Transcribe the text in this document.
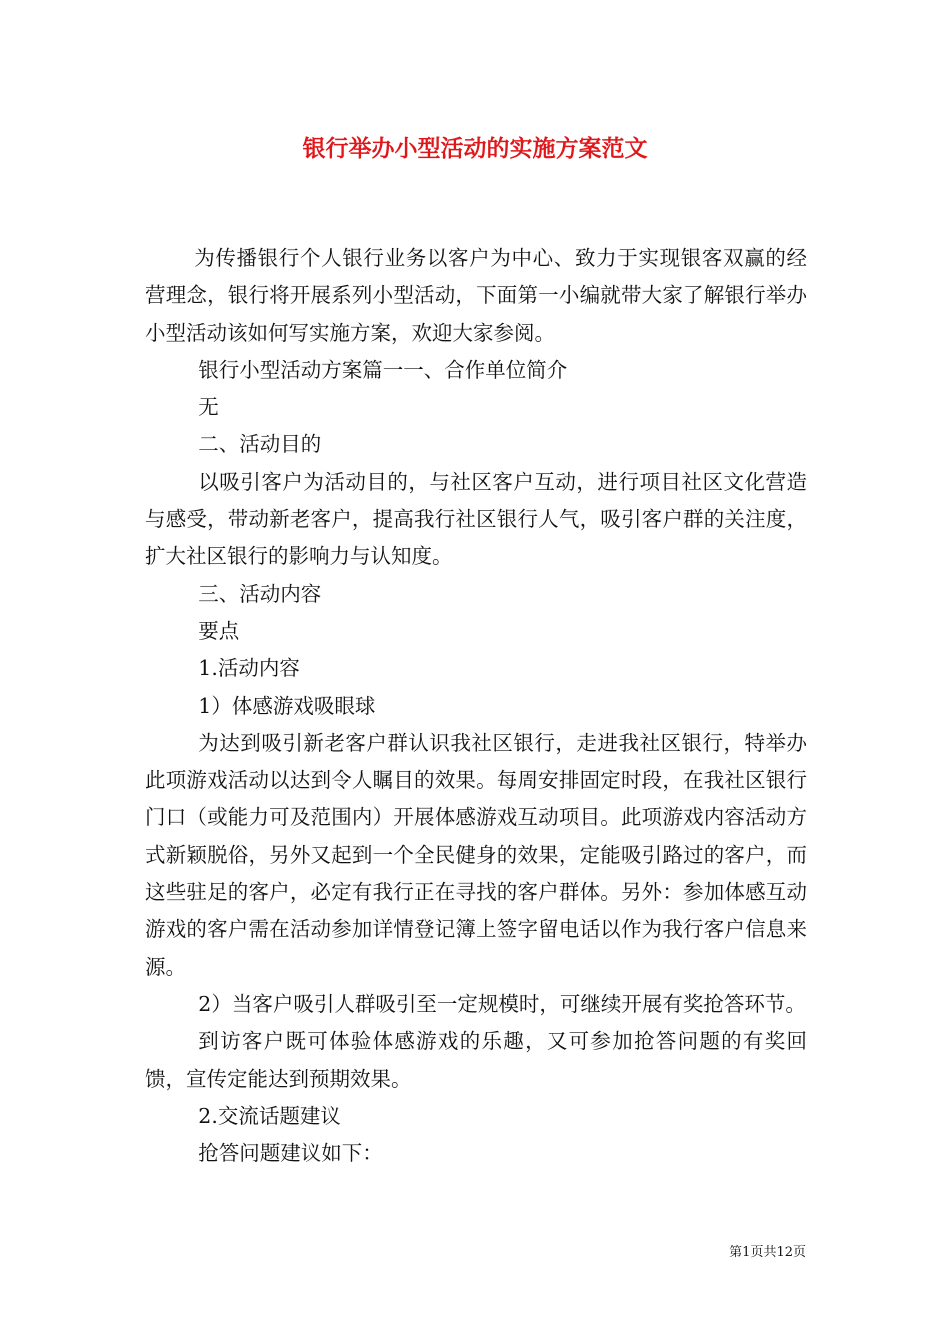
银行举办小型活动的实施方案范文

为传播银行个人银行业务以客户为中心、致力于实现银客双赢的经营理念，银行将开展系列小型活动，下面第一小编就带大家了解银行举办小型活动该如何写实施方案，欢迎大家参阅。

银行小型活动方案篇一一、合作单位简介

无

二、活动目的

以吸引客户为活动目的，与社区客户互动，进行项目社区文化营造与感受，带动新老客户，提高我行社区银行人气，吸引客户群的关注度，扩大社区银行的影响力与认知度。

三、活动内容

要点

1.活动内容

1）体感游戏吸眼球

为达到吸引新老客户群认识我社区银行，走进我社区银行，特举办此项游戏活动以达到令人瞩目的效果。每周安排固定时段，在我社区银行门口（或能力可及范围内）开展体感游戏互动项目。此项游戏内容活动方式新颖脱俗，另外又起到一个全民健身的效果，定能吸引路过的客户，而这些驻足的客户，必定有我行正在寻找的客户群体。另外：参加体感互动游戏的客户需在活动参加详情登记簿上签字留电话以作为我行客户信息来源。

2）当客户吸引人群吸引至一定规模时，可继续开展有奖抢答环节。

到访客户既可体验体感游戏的乐趣，又可参加抢答问题的有奖回馈，宣传定能达到预期效果。

2.交流话题建议

抢答问题建议如下：

第1页共12页
